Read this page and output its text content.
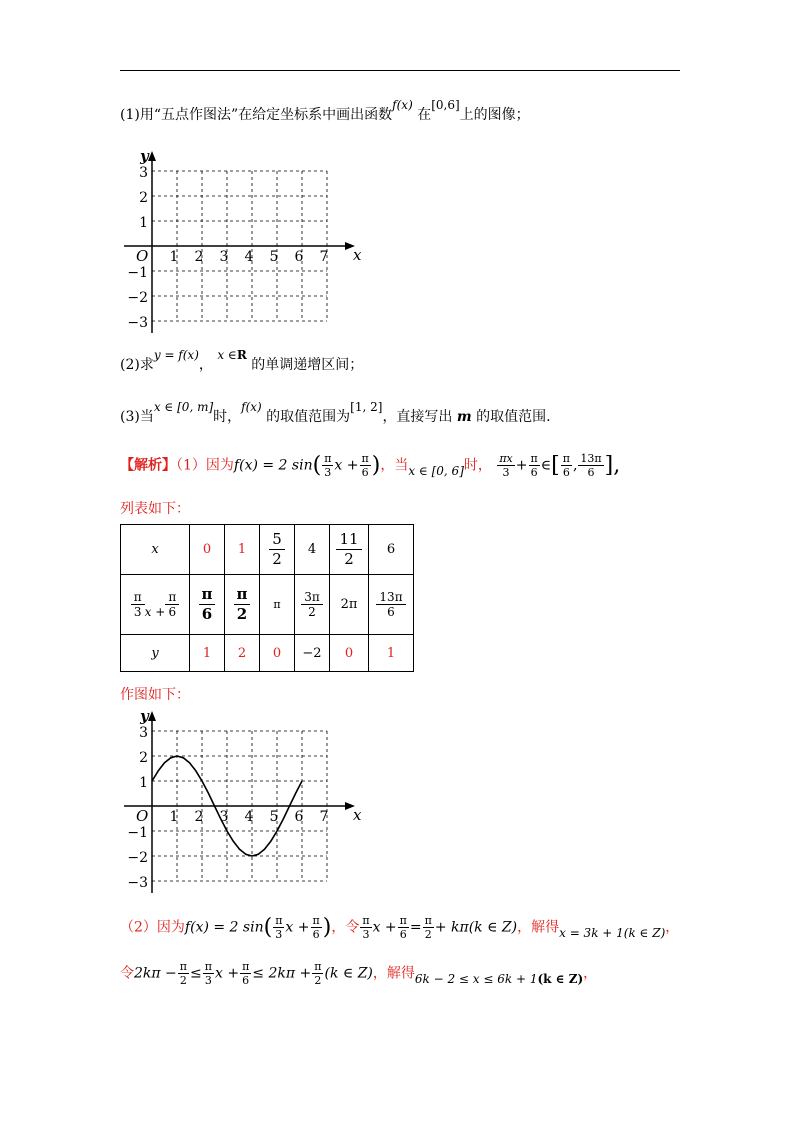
(1)用“五点作图法”在给定坐标系中画出函数f(x) 在[0,6]上的图像；
x
y
O 1 2 3 4 5 6 7
3
2
1
−1
−2
−3
(2)求y = f(x)， x ∈R 的单调递增区间；
(3)当x ∈ [0, m]时，f(x) 的取值范围为[1, 2]，直接写出 m 的取值范围.
【解析】（1）因为f(x) = 2 $\sin( \frac{\pi}{3}$ $x + \frac{\pi}{6}$ )，当x ∈ [0, 6]时， $\frac{\pi x}{3} + \frac{\pi}{6}$ ∈[ $\frac{\pi}{6}$ , $\frac{13\pi}{6}$ ],
列表如下：
x	0	1	$\frac{5}{2}$	4	$\frac{11}{2}$	6

$\frac{\pi}{3}$ $x + \frac{\pi}{6}$	$\frac{\pi}{6}$	$\frac{\pi}{2}$	π	$\frac{3\pi}{2}$	2π	$\frac{13\pi}{6}$

y	1	2	0	−2	0	1
作图如下：
x
y
O 1 2 3 4 5 6 7
3
2
1
−1
−2
−3
（2）因为f(x) = 2 $\sin( \frac{\pi}{3}$ $x + \frac{\pi}{6}$ )，令 $\frac{\pi}{3}$ $x + \frac{\pi}{6} = \frac{\pi}{2} + k\pi(k$ ∈ Z)，解得x = 3k + 1(k ∈ Z)，
令$2k\pi - \frac{\pi}{2} \le \frac{\pi}{3}$ $x + \frac{\pi}{6} \le 2k\pi + \frac{\pi}{2} (k$ ∈ Z)，解得6k − 2 ≤ x ≤ 6k + 1(k ∈ Z)，
